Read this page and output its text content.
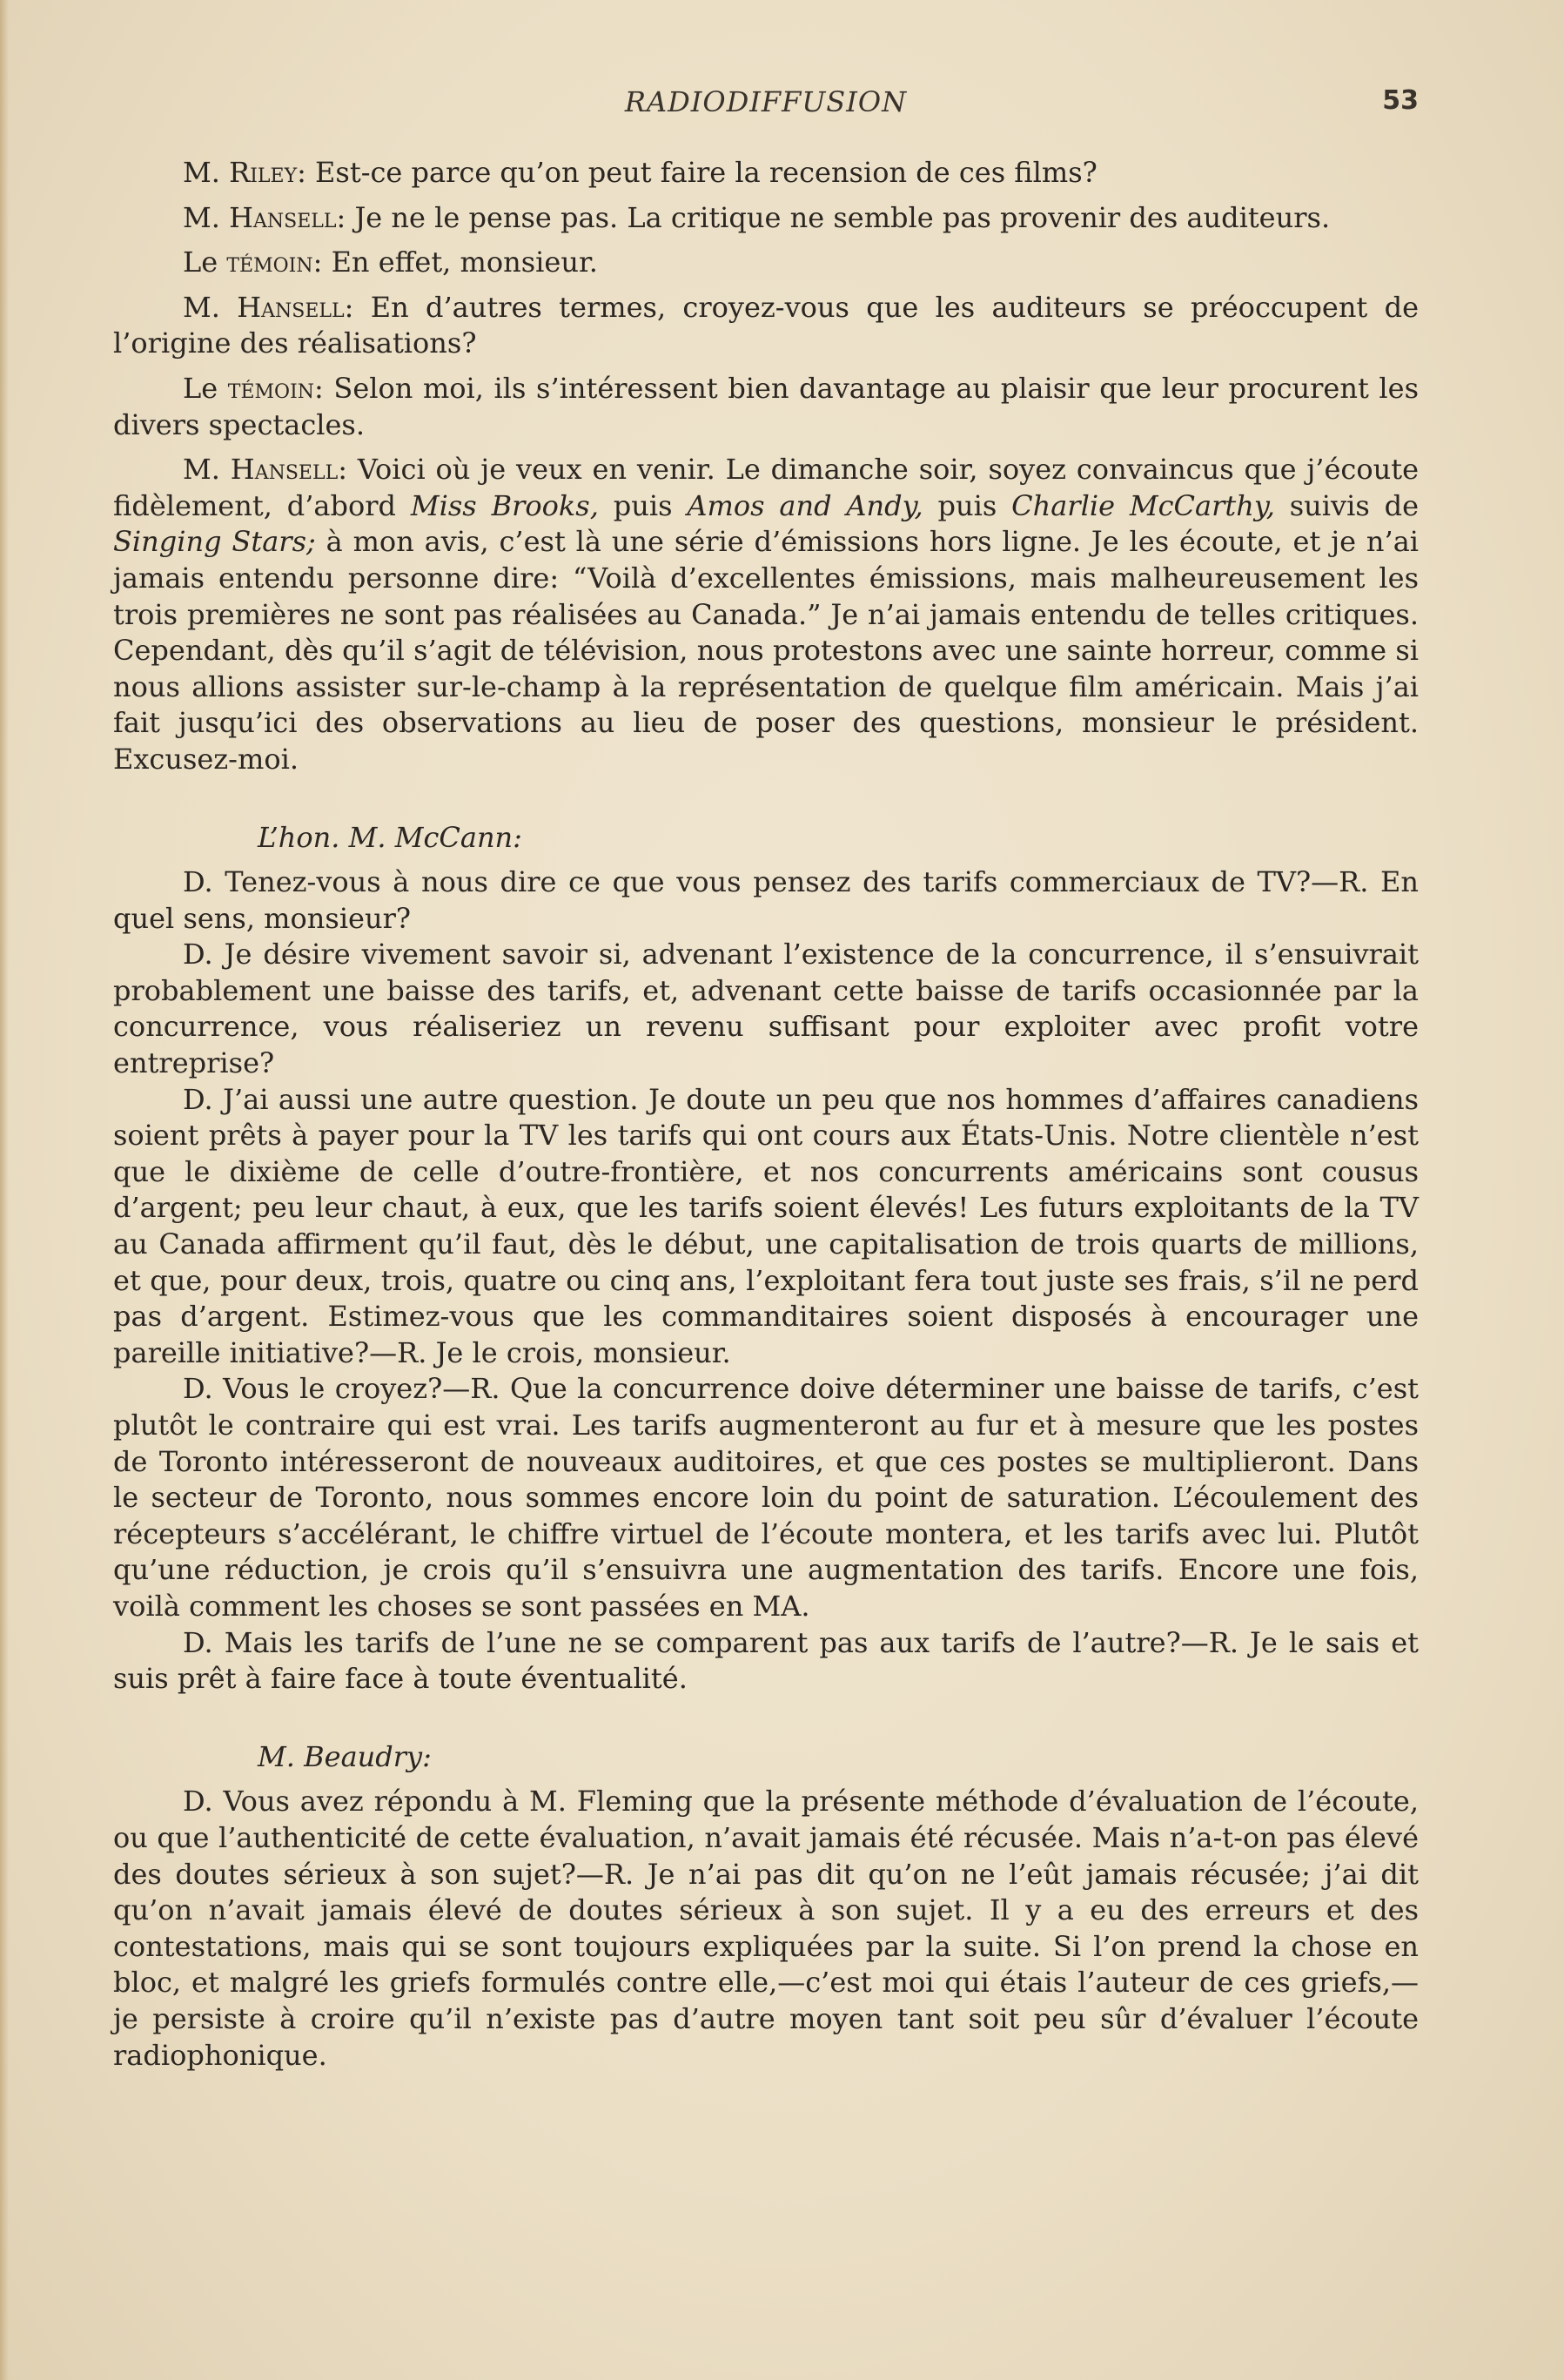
RADIODIFFUSION	53

M. Riley: Est-ce parce qu’on peut faire la recension de ces films?

M. Hansell: Je ne le pense pas. La critique ne semble pas provenir des auditeurs.

Le témoin: En effet, monsieur.

M. Hansell: En d’autres termes, croyez-vous que les auditeurs se préoccupent de l’origine des réalisations?

Le témoin: Selon moi, ils s’intéressent bien davantage au plaisir que leur procurent les divers spectacles.

M. Hansell: Voici où je veux en venir. Le dimanche soir, soyez convaincus que j’écoute fidèlement, d’abord Miss Brooks, puis Amos and Andy, puis Charlie McCarthy, suivis de Singing Stars; à mon avis, c’est là une série d’émissions hors ligne. Je les écoute, et je n’ai jamais entendu personne dire: “Voilà d’excellentes émissions, mais malheureusement les trois premières ne sont pas réalisées au Canada.” Je n’ai jamais entendu de telles critiques. Cependant, dès qu’il s’agit de télévision, nous protestons avec une sainte horreur, comme si nous allions assister sur-le-champ à la représentation de quelque film américain. Mais j’ai fait jusqu’ici des observations au lieu de poser des questions, monsieur le président. Excusez-moi.

L’hon. M. McCann:

D. Tenez-vous à nous dire ce que vous pensez des tarifs commerciaux de TV?—R. En quel sens, monsieur?

D. Je désire vivement savoir si, advenant l’existence de la concurrence, il s’ensuivrait probablement une baisse des tarifs, et, advenant cette baisse de tarifs occasionnée par la concurrence, vous réaliseriez un revenu suffisant pour exploiter avec profit votre entreprise?

D. J’ai aussi une autre question. Je doute un peu que nos hommes d’affaires canadiens soient prêts à payer pour la TV les tarifs qui ont cours aux États-Unis. Notre clientèle n’est que le dixième de celle d’outre-frontière, et nos concurrents américains sont cousus d’argent; peu leur chaut, à eux, que les tarifs soient élevés! Les futurs exploitants de la TV au Canada affirment qu’il faut, dès le début, une capitalisation de trois quarts de millions, et que, pour deux, trois, quatre ou cinq ans, l’exploitant fera tout juste ses frais, s’il ne perd pas d’argent. Estimez-vous que les commanditaires soient disposés à encourager une pareille initiative?—R. Je le crois, monsieur.

D. Vous le croyez?—R. Que la concurrence doive déterminer une baisse de tarifs, c’est plutôt le contraire qui est vrai. Les tarifs augmenteront au fur et à mesure que les postes de Toronto intéresseront de nouveaux auditoires, et que ces postes se multiplieront. Dans le secteur de Toronto, nous sommes encore loin du point de saturation. L’écoulement des récepteurs s’accélérant, le chiffre virtuel de l’écoute montera, et les tarifs avec lui. Plutôt qu’une réduction, je crois qu’il s’ensuivra une augmentation des tarifs. Encore une fois, voilà comment les choses se sont passées en MA.

D. Mais les tarifs de l’une ne se comparent pas aux tarifs de l’autre?—R. Je le sais et suis prêt à faire face à toute éventualité.

M. Beaudry:

D. Vous avez répondu à M. Fleming que la présente méthode d’évaluation de l’écoute, ou que l’authenticité de cette évaluation, n’avait jamais été récusée. Mais n’a-t-on pas élevé des doutes sérieux à son sujet?—R. Je n’ai pas dit qu’on ne l’eût jamais récusée; j’ai dit qu’on n’avait jamais élevé de doutes sérieux à son sujet. Il y a eu des erreurs et des contestations, mais qui se sont toujours expliquées par la suite. Si l’on prend la chose en bloc, et malgré les griefs formulés contre elle,—c’est moi qui étais l’auteur de ces griefs,—je persiste à croire qu’il n’existe pas d’autre moyen tant soit peu sûr d’évaluer l’écoute radiophonique.
